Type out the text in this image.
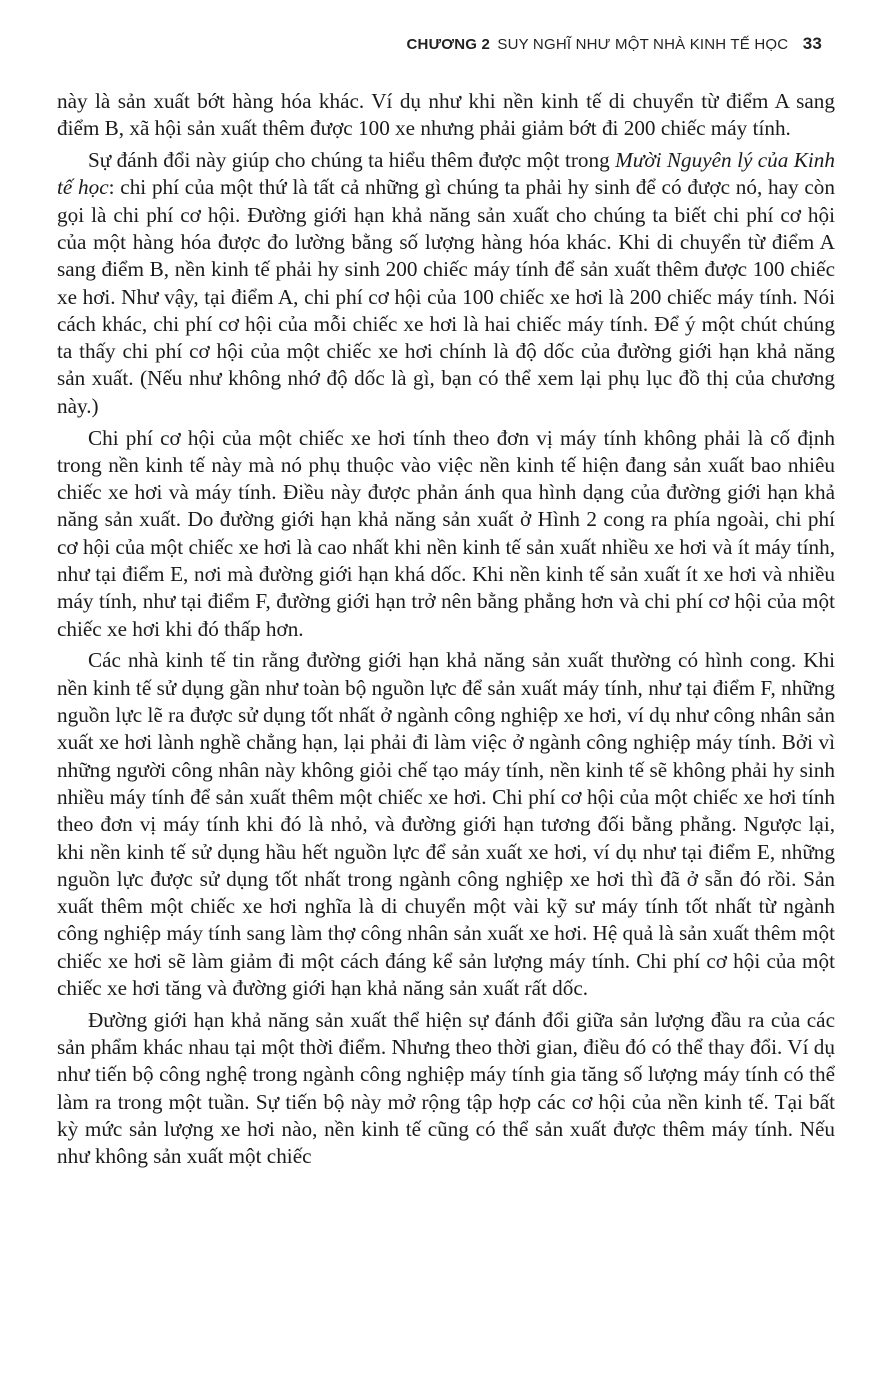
CHƯƠNG 2 SUY NGHĨ NHƯ MỘT NHÀ KINH TẾ HỌC 33

này là sản xuất bớt hàng hóa khác. Ví dụ như khi nền kinh tế di chuyển từ điểm A sang điểm B, xã hội sản xuất thêm được 100 xe nhưng phải giảm bớt đi 200 chiếc máy tính.

Sự đánh đổi này giúp cho chúng ta hiểu thêm được một trong Mười Nguyên lý của Kinh tế học: chi phí của một thứ là tất cả những gì chúng ta phải hy sinh để có được nó, hay còn gọi là chi phí cơ hội. Đường giới hạn khả năng sản xuất cho chúng ta biết chi phí cơ hội của một hàng hóa được đo lường bằng số lượng hàng hóa khác. Khi di chuyển từ điểm A sang điểm B, nền kinh tế phải hy sinh 200 chiếc máy tính để sản xuất thêm được 100 chiếc xe hơi. Như vậy, tại điểm A, chi phí cơ hội của 100 chiếc xe hơi là 200 chiếc máy tính. Nói cách khác, chi phí cơ hội của mỗi chiếc xe hơi là hai chiếc máy tính. Để ý một chút chúng ta thấy chi phí cơ hội của một chiếc xe hơi chính là độ dốc của đường giới hạn khả năng sản xuất. (Nếu như không nhớ độ dốc là gì, bạn có thể xem lại phụ lục đồ thị của chương này.)

Chi phí cơ hội của một chiếc xe hơi tính theo đơn vị máy tính không phải là cố định trong nền kinh tế này mà nó phụ thuộc vào việc nền kinh tế hiện đang sản xuất bao nhiêu chiếc xe hơi và máy tính. Điều này được phản ánh qua hình dạng của đường giới hạn khả năng sản xuất. Do đường giới hạn khả năng sản xuất ở Hình 2 cong ra phía ngoài, chi phí cơ hội của một chiếc xe hơi là cao nhất khi nền kinh tế sản xuất nhiều xe hơi và ít máy tính, như tại điểm E, nơi mà đường giới hạn khá dốc. Khi nền kinh tế sản xuất ít xe hơi và nhiều máy tính, như tại điểm F, đường giới hạn trở nên bằng phẳng hơn và chi phí cơ hội của một chiếc xe hơi khi đó thấp hơn.

Các nhà kinh tế tin rằng đường giới hạn khả năng sản xuất thường có hình cong. Khi nền kinh tế sử dụng gần như toàn bộ nguồn lực để sản xuất máy tính, như tại điểm F, những nguồn lực lẽ ra được sử dụng tốt nhất ở ngành công nghiệp xe hơi, ví dụ như công nhân sản xuất xe hơi lành nghề chẳng hạn, lại phải đi làm việc ở ngành công nghiệp máy tính. Bởi vì những người công nhân này không giỏi chế tạo máy tính, nền kinh tế sẽ không phải hy sinh nhiều máy tính để sản xuất thêm một chiếc xe hơi. Chi phí cơ hội của một chiếc xe hơi tính theo đơn vị máy tính khi đó là nhỏ, và đường giới hạn tương đối bằng phẳng. Ngược lại, khi nền kinh tế sử dụng hầu hết nguồn lực để sản xuất xe hơi, ví dụ như tại điểm E, những nguồn lực được sử dụng tốt nhất trong ngành công nghiệp xe hơi thì đã ở sẵn đó rồi. Sản xuất thêm một chiếc xe hơi nghĩa là di chuyển một vài kỹ sư máy tính tốt nhất từ ngành công nghiệp máy tính sang làm thợ công nhân sản xuất xe hơi. Hệ quả là sản xuất thêm một chiếc xe hơi sẽ làm giảm đi một cách đáng kể sản lượng máy tính. Chi phí cơ hội của một chiếc xe hơi tăng và đường giới hạn khả năng sản xuất rất dốc.

Đường giới hạn khả năng sản xuất thể hiện sự đánh đổi giữa sản lượng đầu ra của các sản phẩm khác nhau tại một thời điểm. Nhưng theo thời gian, điều đó có thể thay đổi. Ví dụ như tiến bộ công nghệ trong ngành công nghiệp máy tính gia tăng số lượng máy tính có thể làm ra trong một tuần. Sự tiến bộ này mở rộng tập hợp các cơ hội của nền kinh tế. Tại bất kỳ mức sản lượng xe hơi nào, nền kinh tế cũng có thể sản xuất được thêm máy tính. Nếu như không sản xuất một chiếc
